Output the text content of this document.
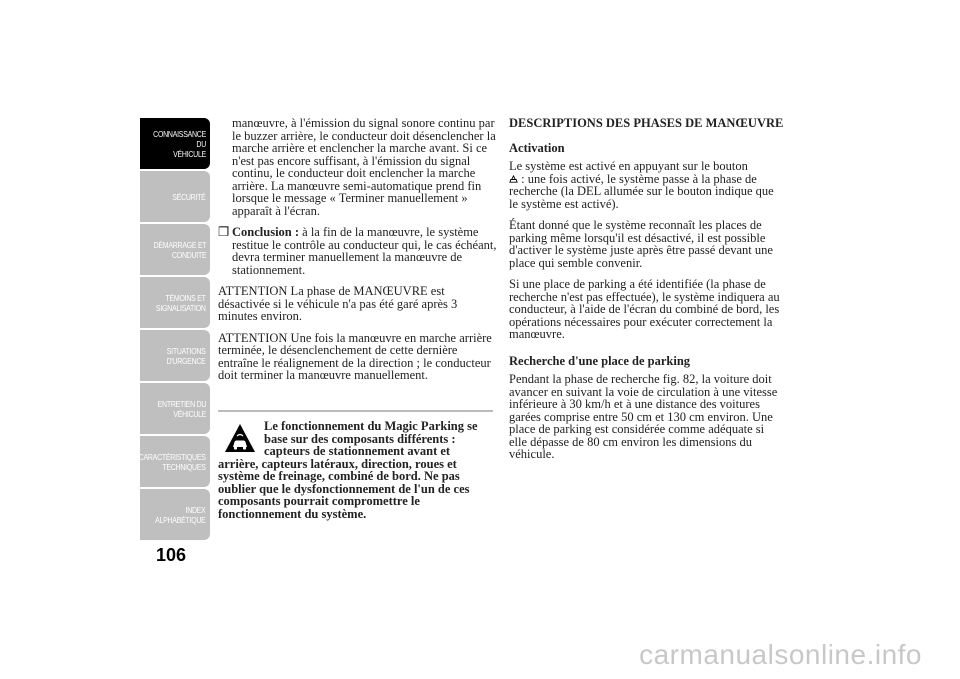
CONNAISSANCE DU
VÉHICULE
SÉCURITÉ
DÉMARRAGE ET
CONDUITE
TÉMOINS ET
SIGNALISATION
SITUATIONS
D'URGENCE
ENTRETIEN DU
VÉHICULE
CARACTÉRISTIQUES
TECHNIQUES
INDEX
ALPHABÉTIQUE
106

manœuvre, à l'émission du signal sonore continu par le buzzer arrière, le conducteur doit désenclencher la marche arrière et enclencher la marche avant. Si ce n'est pas encore suffisant, à l'émission du signal continu, le conducteur doit enclencher la marche arrière. La manœuvre semi-automatique prend fin lorsque le message « Terminer manuellement » apparaît à l'écran.

❒ Conclusion : à la fin de la manœuvre, le système restitue le contrôle au conducteur qui, le cas échéant, devra terminer manuellement la manœuvre de stationnement.

ATTENTION La phase de MANŒUVRE est désactivée si le véhicule n'a pas été garé après 3 minutes environ.

ATTENTION Une fois la manœuvre en marche arrière terminée, le désenclenchement de cette dernière entraîne le réalignement de la direction ; le conducteur doit terminer la manœuvre manuellement.

Le fonctionnement du Magic Parking se base sur des composants différents : capteurs de stationnement avant et arrière, capteurs latéraux, direction, roues et système de freinage, combiné de bord. Ne pas oublier que le dysfonctionnement de l'un de ces composants pourrait compromettre le fonctionnement du système.
DESCRIPTIONS DES PHASES DE MANŒUVRE
Activation

Le système est activé en appuyant sur le bouton
: une fois activé, le système passe à la phase de recherche (la DEL allumée sur le bouton indique que le système est activé).

Étant donné que le système reconnaît les places de parking même lorsqu'il est désactivé, il est possible d'activer le système juste après être passé devant une place qui semble convenir.

Si une place de parking a été identifiée (la phase de recherche n'est pas effectuée), le système indiquera au conducteur, à l'aide de l'écran du combiné de bord, les opérations nécessaires pour exécuter correctement la manœuvre.

Recherche d'une place de parking

Pendant la phase de recherche fig. 82, la voiture doit avancer en suivant la voie de circulation à une vitesse inférieure à 30 km/h et à une distance des voitures garées comprise entre 50 cm et 130 cm environ. Une place de parking est considérée comme adéquate si elle dépasse de 80 cm environ les dimensions du véhicule.

carmanualsonline.info
